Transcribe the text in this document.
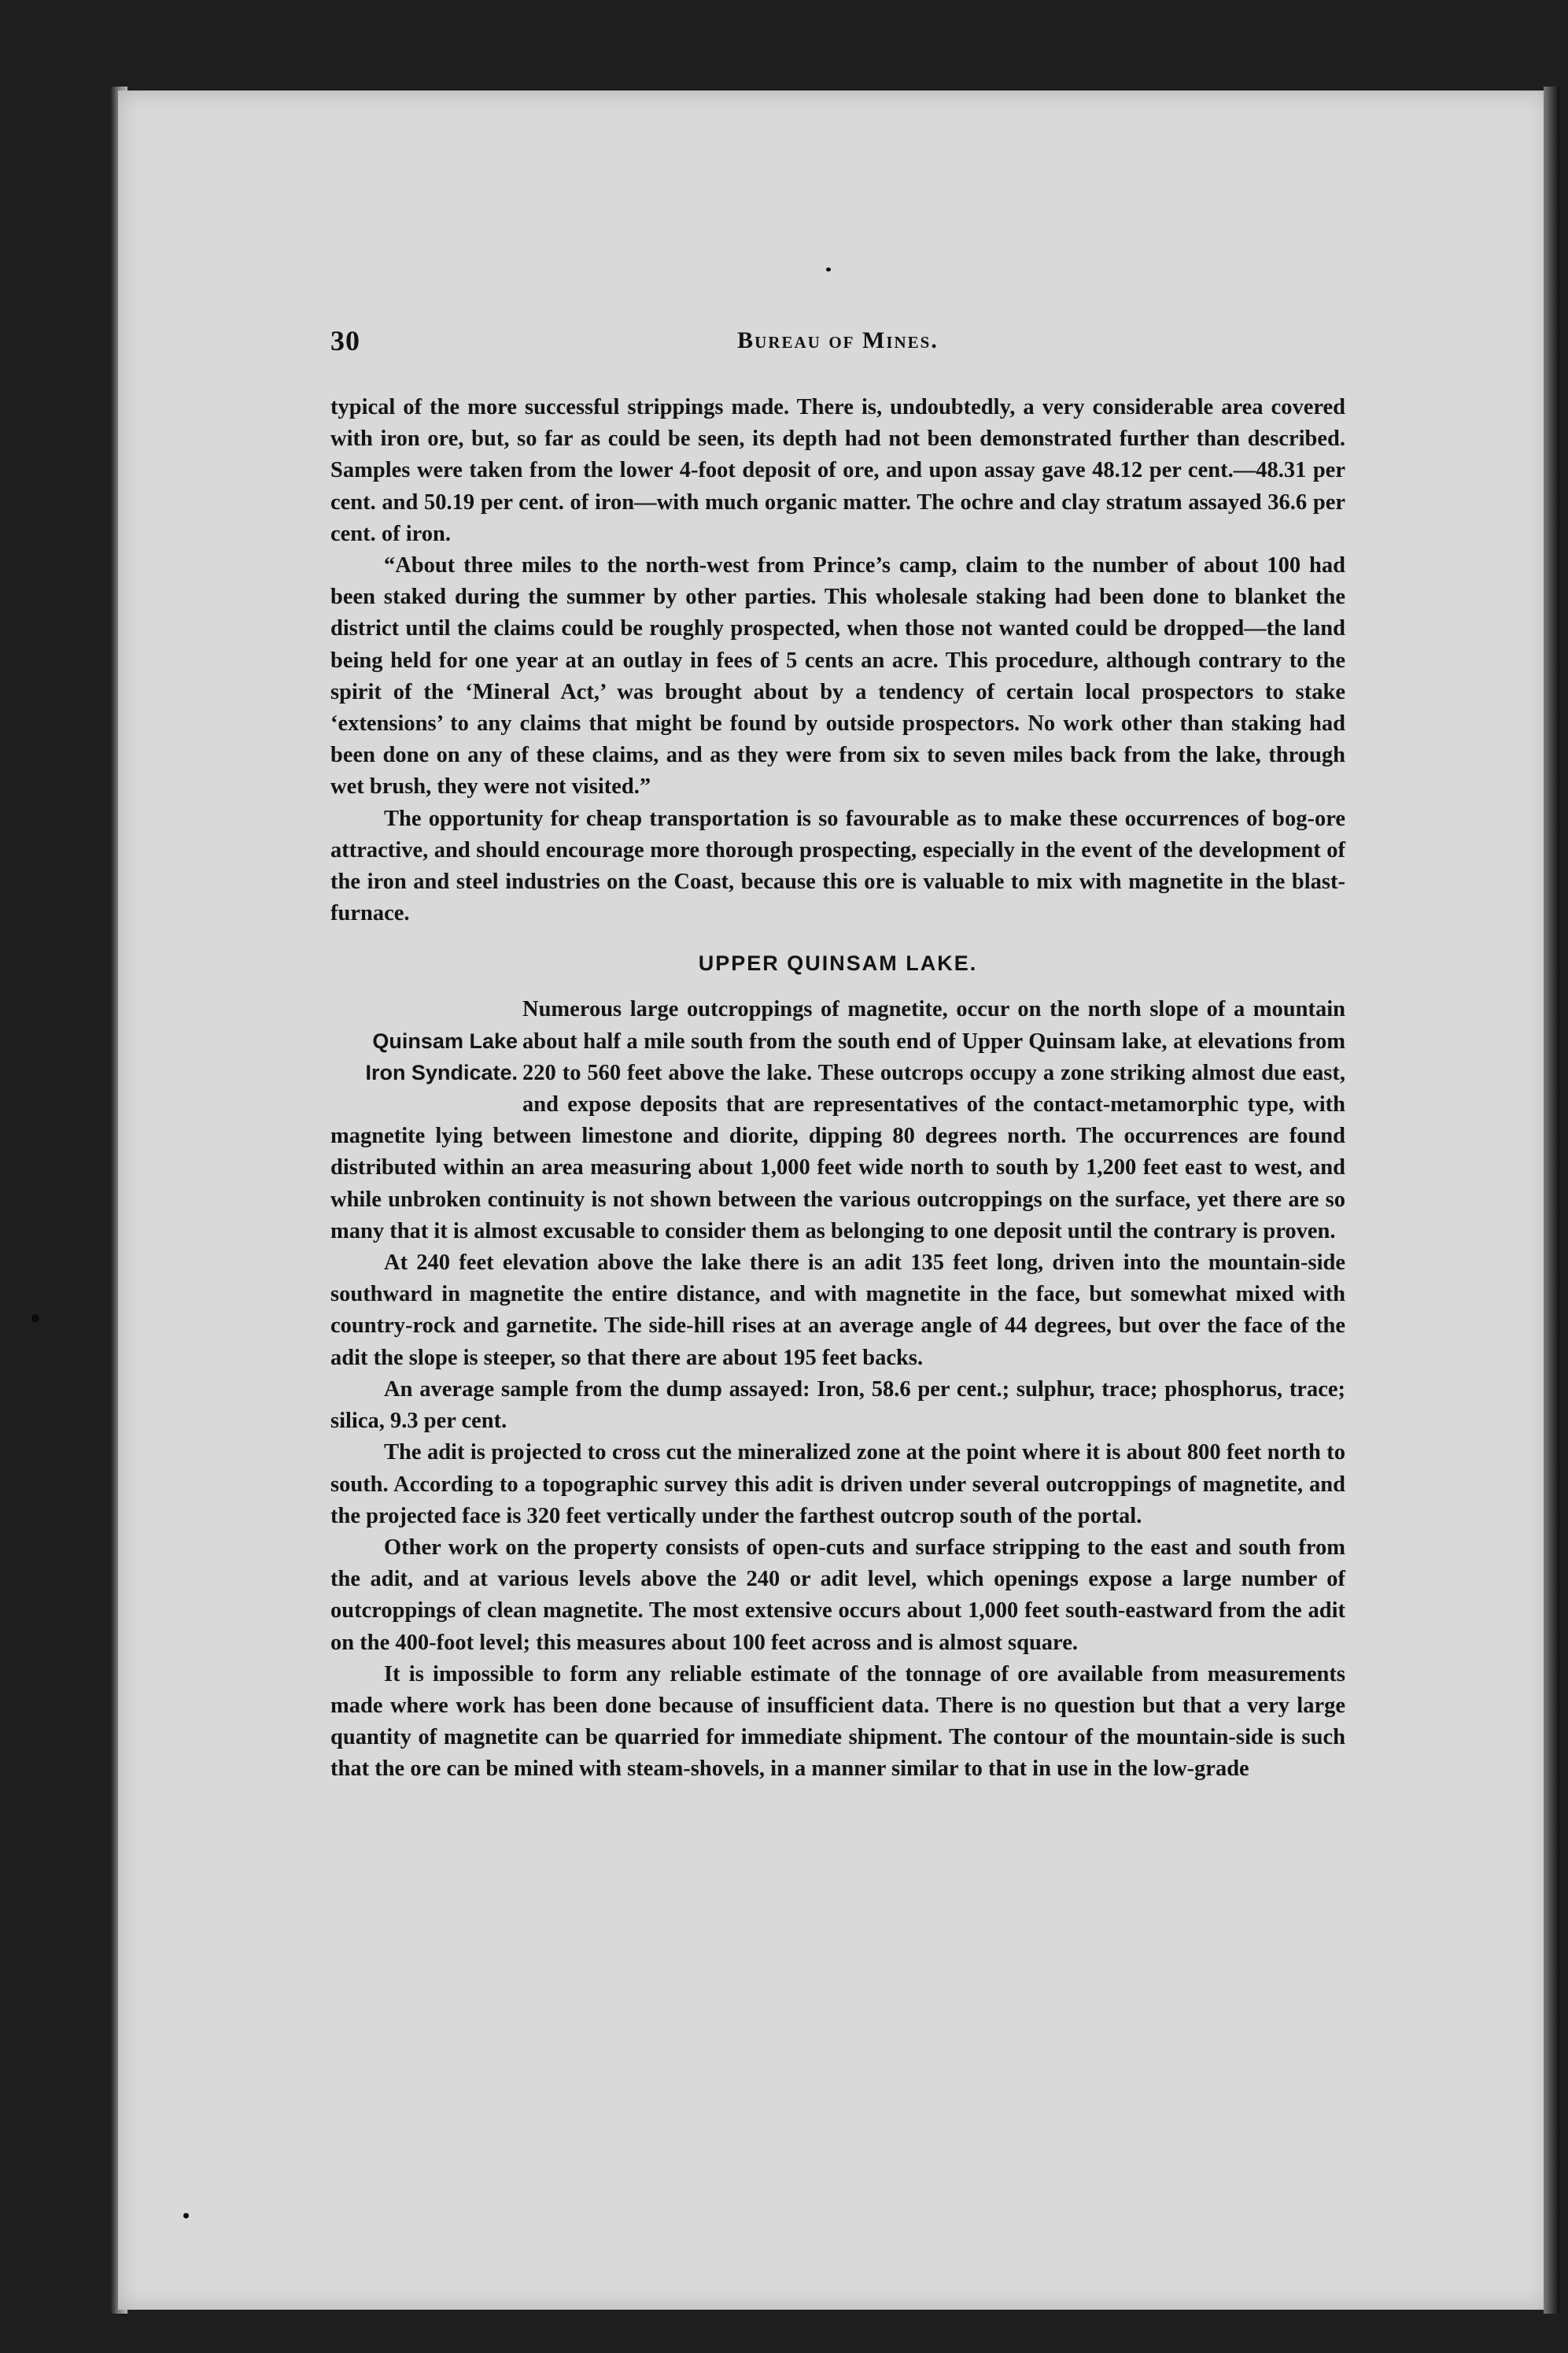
30	Bureau of Mines.

typical of the more successful strippings made. There is, undoubtedly, a very considerable area covered with iron ore, but, so far as could be seen, its depth had not been demonstrated further than described. Samples were taken from the lower 4-foot deposit of ore, and upon assay gave 48.12 per cent.—48.31 per cent. and 50.19 per cent. of iron—with much organic matter. The ochre and clay stratum assayed 36.6 per cent. of iron.

“About three miles to the north-west from Prince’s camp, claim to the number of about 100 had been staked during the summer by other parties. This wholesale staking had been done to blanket the district until the claims could be roughly prospected, when those not wanted could be dropped—the land being held for one year at an outlay in fees of 5 cents an acre. This procedure, although contrary to the spirit of the ‘Mineral Act,’ was brought about by a tendency of certain local prospectors to stake ‘extensions’ to any claims that might be found by outside prospectors. No work other than staking had been done on any of these claims, and as they were from six to seven miles back from the lake, through wet brush, they were not visited.”

The opportunity for cheap transportation is so favourable as to make these occurrences of bog-ore attractive, and should encourage more thorough prospecting, especially in the event of the development of the iron and steel industries on the Coast, because this ore is valuable to mix with magnetite in the blast-furnace.

UPPER QUINSAM LAKE.

Quinsam Lake
Iron Syndicate.
Numerous large outcroppings of magnetite, occur on the north slope of a mountain about half a mile south from the south end of Upper Quinsam lake, at elevations from 220 to 560 feet above the lake. These outcrops occupy a zone striking almost due east, and expose deposits that are representatives of the contact-metamorphic type, with magnetite lying between limestone and diorite, dipping 80 degrees north. The occurrences are found distributed within an area measuring about 1,000 feet wide north to south by 1,200 feet east to west, and while unbroken continuity is not shown between the various outcroppings on the surface, yet there are so many that it is almost excusable to consider them as belonging to one deposit until the contrary is proven.

At 240 feet elevation above the lake there is an adit 135 feet long, driven into the mountain-side southward in magnetite the entire distance, and with magnetite in the face, but somewhat mixed with country-rock and garnetite. The side-hill rises at an average angle of 44 degrees, but over the face of the adit the slope is steeper, so that there are about 195 feet backs.

An average sample from the dump assayed: Iron, 58.6 per cent.; sulphur, trace; phosphorus, trace; silica, 9.3 per cent.

The adit is projected to cross cut the mineralized zone at the point where it is about 800 feet north to south. According to a topographic survey this adit is driven under several outcroppings of magnetite, and the projected face is 320 feet vertically under the farthest outcrop south of the portal.

Other work on the property consists of open-cuts and surface stripping to the east and south from the adit, and at various levels above the 240 or adit level, which openings expose a large number of outcroppings of clean magnetite. The most extensive occurs about 1,000 feet south-eastward from the adit on the 400-foot level; this measures about 100 feet across and is almost square.

It is impossible to form any reliable estimate of the tonnage of ore available from measurements made where work has been done because of insufficient data. There is no question but that a very large quantity of magnetite can be quarried for immediate shipment. The contour of the mountain-side is such that the ore can be mined with steam-shovels, in a manner similar to that in use in the low-grade
